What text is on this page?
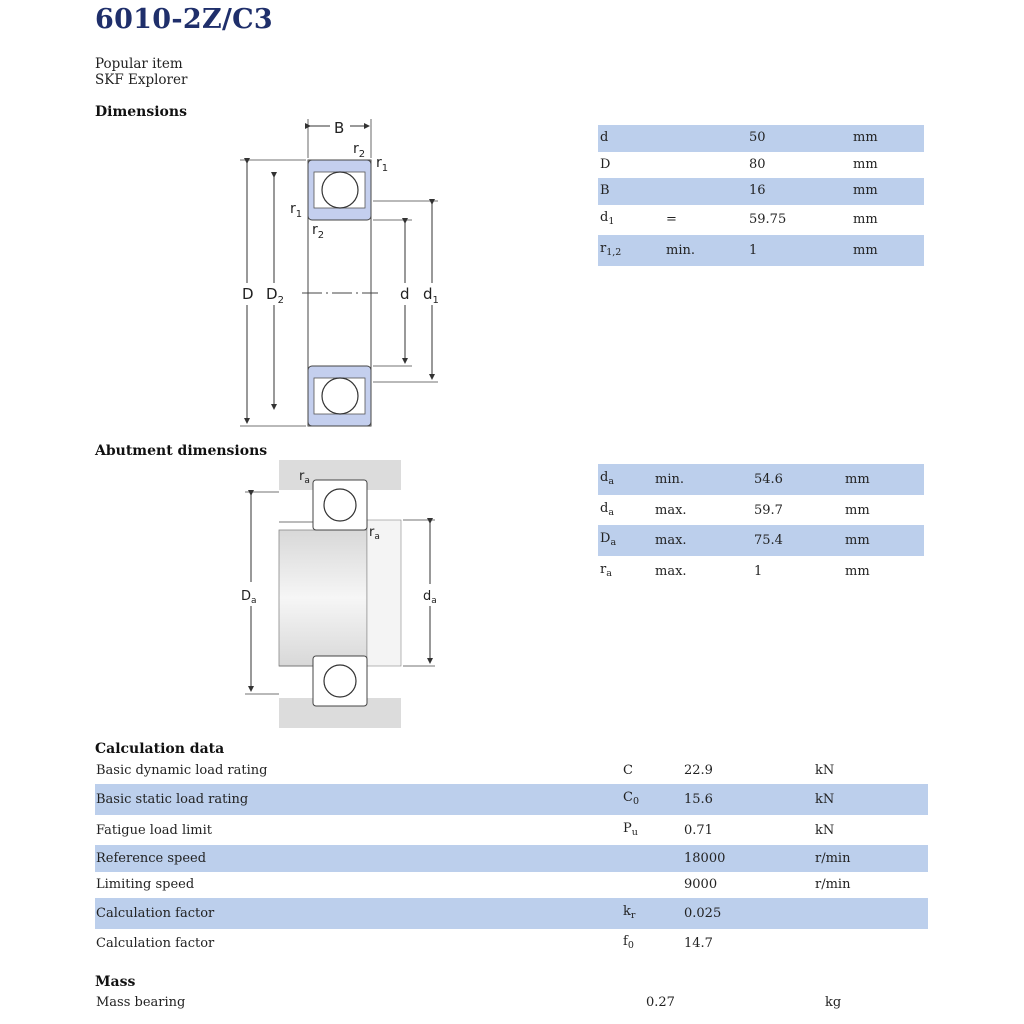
6010-2Z/C3
Popular item
SKF Explorer
Dimensions
Abutment dimensions
Calculation data
Mass
B
$r_2$
$r_1$
$r_1$
$r_2$
D $D_2$	d $d_1$
$r_a$
$r_a$
$D_a$	$d_a$
d	50	mm
D	80	mm
B	16	mm
$d_1$	=	59.75	mm
$r_{1,2}$	min.	1	mm
$d_a$	min.	54.6	mm
$d_a$	max.	59.7	mm
$D_a$	max.	75.4	mm
$r_a$	max.	1	mm
Basic dynamic load rating	C	22.9	kN
Basic static load rating	$C_0$	15.6	kN
Fatigue load limit	$P_u$	0.71	kN
Reference speed	18000	r/min
Limiting speed	9000	r/min
Calculation factor	$k_r$	0.025
Calculation factor	$f_0$	14.7
Mass bearing	0.27	kg
